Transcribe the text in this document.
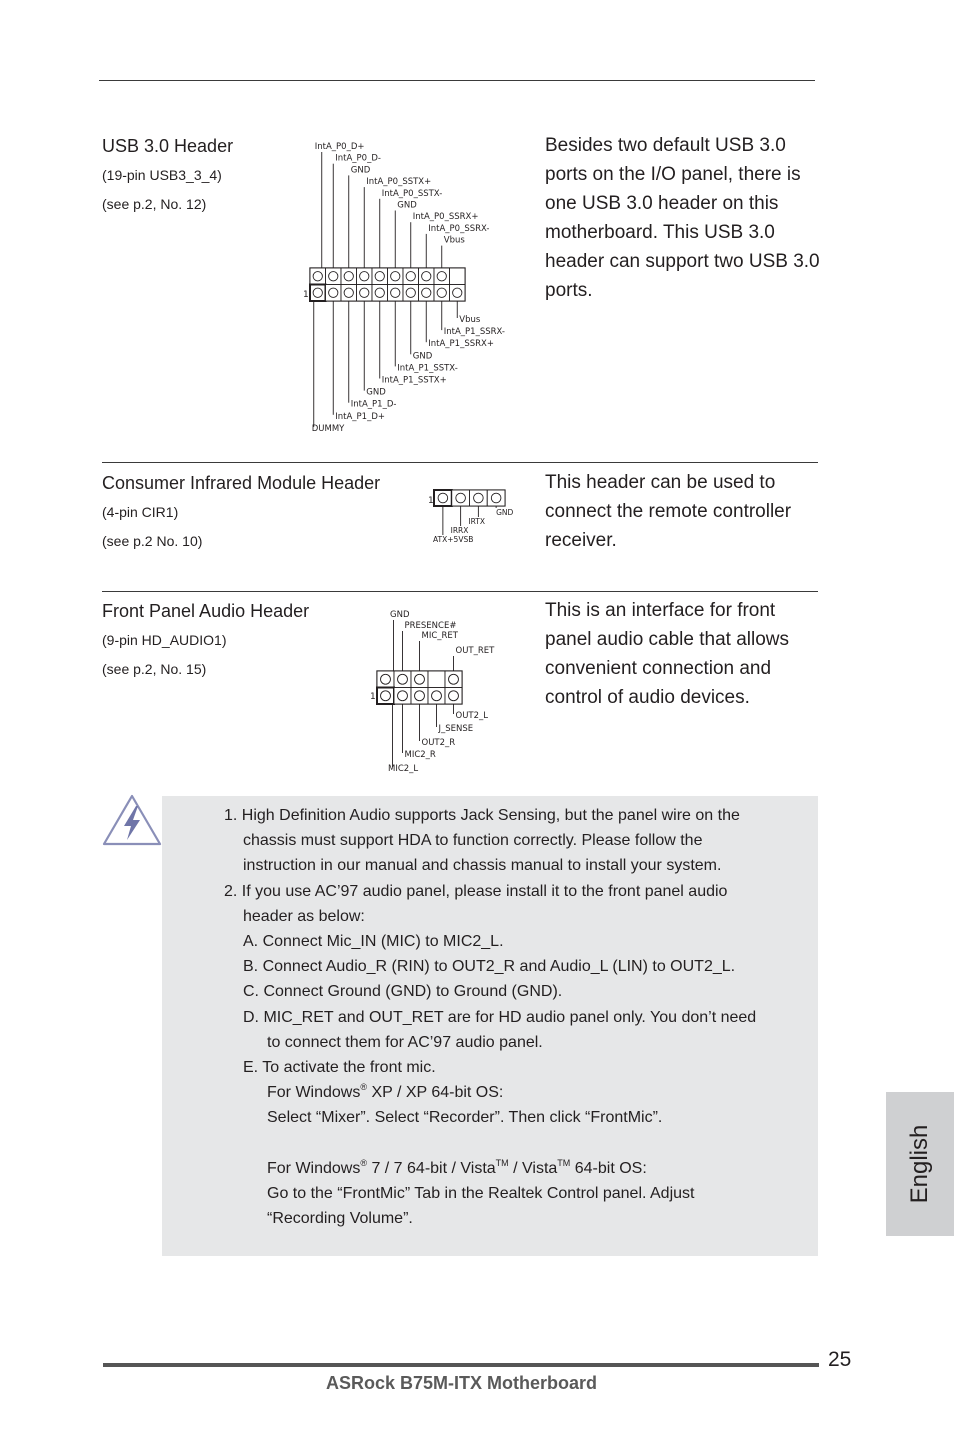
USB 3.0 Header
(19-pin USB3_3_4)
(see p.2, No. 12)
Besides two default USB 3.0 ports on the I/O panel, there is one USB 3.0 header on this motherboard. This USB 3.0 header can support two USB 3.0 ports.
IntA_P0_D+
IntA_P0_D-
GND
IntA_P0_SSTX+
IntA_P0_SSTX-
GND
IntA_P0_SSRX+
IntA_P0_SSRX-
Vbus
Vbus
IntA_P1_SSRX-
IntA_P1_SSRX+
GND
IntA_P1_SSTX-
IntA_P1_SSTX+
GND
IntA_P1_D-
IntA_P1_D+
DUMMY
1
Consumer Infrared Module Header
(4-pin CIR1)
(see p.2 No. 10)
This header can be used to connect the remote controller receiver.
GND
IRTX
IRRX
ATX+5VSB
1
Front Panel Audio Header
(9-pin HD_AUDIO1)
(see p.2, No. 15)
This is an interface for front panel audio cable that allows convenient connection and control of audio devices.
GND
PRESENCE#
MIC_RET
OUT_RET
OUT2_L
J_SENSE
OUT2_R
MIC2_R
MIC2_L
1
1. High Definition Audio supports Jack Sensing, but the panel wire on the
chassis must support HDA to function correctly. Please follow the
instruction in our manual and chassis manual to install your system.
2. If you use AC’97 audio panel, please install it to the front panel audio
header as below:
A. Connect Mic_IN (MIC) to MIC2_L.
B. Connect Audio_R (RIN) to OUT2_R and Audio_L (LIN) to OUT2_L.
C. Connect Ground (GND) to Ground (GND).
D. MIC_RET and OUT_RET are for HD audio panel only. You don’t need
to connect them for AC’97 audio panel.
E. To activate the front mic.
For Windows® XP / XP 64-bit OS:
Select “Mixer”. Select “Recorder”. Then click “FrontMic”.
For Windows® 7 / 7 64-bit / Vista™ / Vista™ 64-bit OS:
Go to the “FrontMic” Tab in the Realtek Control panel. Adjust
“Recording Volume”.
English
25
ASRock B75M-ITX Motherboard
